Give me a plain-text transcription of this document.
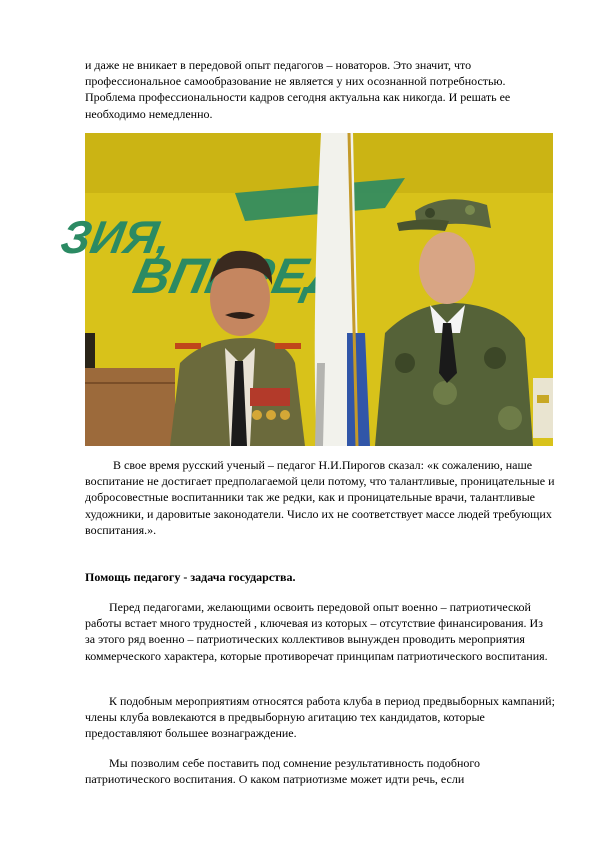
и даже не вникает в передовой опыт педагогов – новаторов. Это значит, что профессиональное самообразование не является у них осознанной потребностью. Проблема профессиональности кадров сегодня актуальна как никогда. И решать ее необходимо немедленно.

ЗИЯ,

В свое время русский ученый – педагог Н.И.Пирогов сказал: «к сожалению, наше воспитание не достигает предполагаемой цели потому, что талантливые, проницательные и добросовестные воспитанники так же редки, как и проницательные врачи, талантливые художники, и даровитые законодатели. Число их не соответствует массе людей требующих воспитания.».

Помощь педагогу - задача государства.

Перед педагогами, желающими освоить передовой опыт военно – патриотической работы встает много трудностей , ключевая из которых – отсутствие финансирования. Из за этого ряд военно – патриотических коллективов вынужден проводить мероприятия коммерческого характера, которые противоречат принципам патриотического воспитания.

К подобным мероприятиям относятся работа клуба в период предвыборных кампаний; члены клуба вовлекаются в предвыборную агитацию тех кандидатов, которые предоставляют большее вознаграждение.

Мы позволим себе поставить под сомнение результативность подобного патриотического воспитания. О каком патриотизме может идти речь, если
